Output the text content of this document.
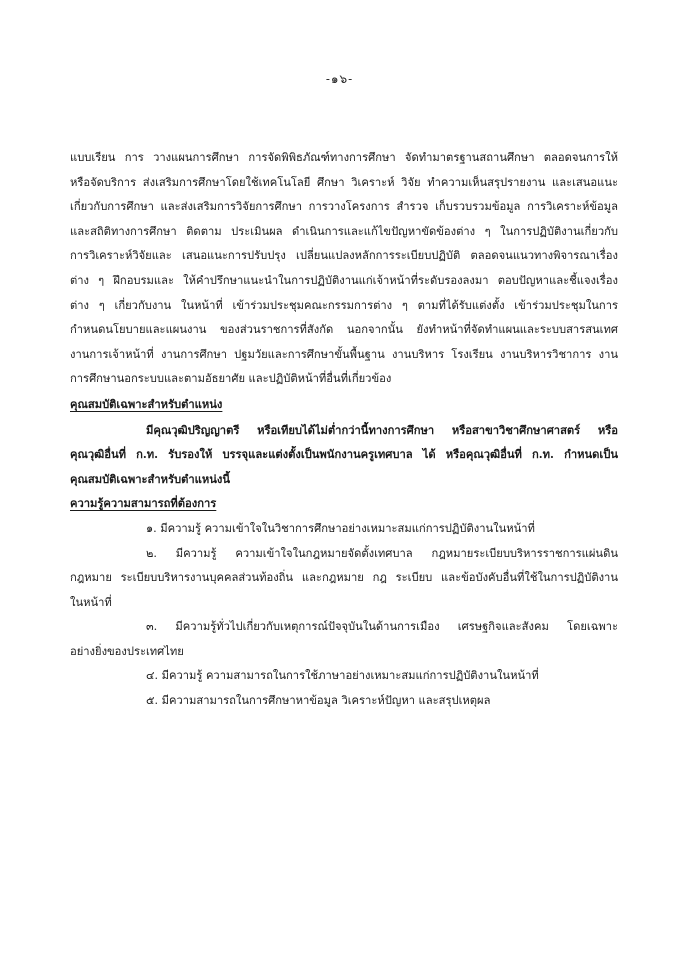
-๑๖-
แบบเรียน การ วางแผนการศึกษา การจัดพิพิธภัณฑ์ทางการศึกษา จัดทำมาตรฐานสถานศึกษา ตลอดจนการให้
หรือจัดบริการ ส่งเสริมการศึกษาโดยใช้เทคโนโลยี ศึกษา วิเคราะห์ วิจัย ทำความเห็นสรุปรายงาน และเสนอแนะ
เกี่ยวกับการศึกษา และส่งเสริมการวิจัยการศึกษา การวางโครงการ สำรวจ เก็บรวบรวมข้อมูล การวิเคราะห์ข้อมูล
และสถิติทางการศึกษา ติดตาม ประเมินผล ดำเนินการและแก้ไขปัญหาขัดข้องต่าง ๆ ในการปฏิบัติงานเกี่ยวกับ
การวิเคราะห์วิจัยและ เสนอแนะการปรับปรุง เปลี่ยนแปลงหลักการระเบียบปฏิบัติ ตลอดจนแนวทางพิจารณาเรื่อง
ต่าง ๆ ฝึกอบรมและ ให้คำปรึกษาแนะนำในการปฏิบัติงานแก่เจ้าหน้าที่ระดับรองลงมา ตอบปัญหาและชี้แจงเรื่อง
ต่าง ๆ เกี่ยวกับงาน ในหน้าที่ เข้าร่วมประชุมคณะกรรมการต่าง ๆ ตามที่ได้รับแต่งตั้ง เข้าร่วมประชุมในการ
กำหนดนโยบายและแผนงาน ของส่วนราชการที่สังกัด นอกจากนั้น ยังทำหน้าที่จัดทำแผนและระบบสารสนเทศ
งานการเจ้าหน้าที่ งานการศึกษา ปฐมวัยและการศึกษาขั้นพื้นฐาน งานบริหาร โรงเรียน งานบริหารวิชาการ งาน
การศึกษานอกระบบและตามอัธยาศัย และปฏิบัติหน้าที่อื่นที่เกี่ยวข้อง
คุณสมบัติเฉพาะสำหรับตำแหน่ง
มีคุณวุฒิปริญญาตรี หรือเทียบได้ไม่ต่ำกว่านี้ทางการศึกษา หรือสาขาวิชาศึกษาศาสตร์ หรือ
คุณวุฒิอื่นที่ ก.ท. รับรองให้ บรรจุและแต่งตั้งเป็นพนักงานครูเทศบาล ได้ หรือคุณวุฒิอื่นที่ ก.ท. กำหนดเป็น
คุณสมบัติเฉพาะสำหรับตำแหน่งนี้
ความรู้ความสามารถที่ต้องการ
๑. มีความรู้ ความเข้าใจในวิชาการศึกษาอย่างเหมาะสมแก่การปฏิบัติงานในหน้าที่
๒. มีความรู้ ความเข้าใจในกฎหมายจัดตั้งเทศบาล กฎหมายระเบียบบริหารราชการแผ่นดิน
กฎหมาย ระเบียบบริหารงานบุคคลส่วนท้องถิ่น และกฎหมาย กฎ ระเบียบ และข้อบังคับอื่นที่ใช้ในการปฏิบัติงาน
ในหน้าที่
๓. มีความรู้ทั่วไปเกี่ยวกับเหตุการณ์ปัจจุบันในด้านการเมือง เศรษฐกิจและสังคม โดยเฉพาะ
อย่างยิ่งของประเทศไทย
๔. มีความรู้ ความสามารถในการใช้ภาษาอย่างเหมาะสมแก่การปฏิบัติงานในหน้าที่
๕. มีความสามารถในการศึกษาหาข้อมูล วิเคราะห์ปัญหา และสรุปเหตุผล
